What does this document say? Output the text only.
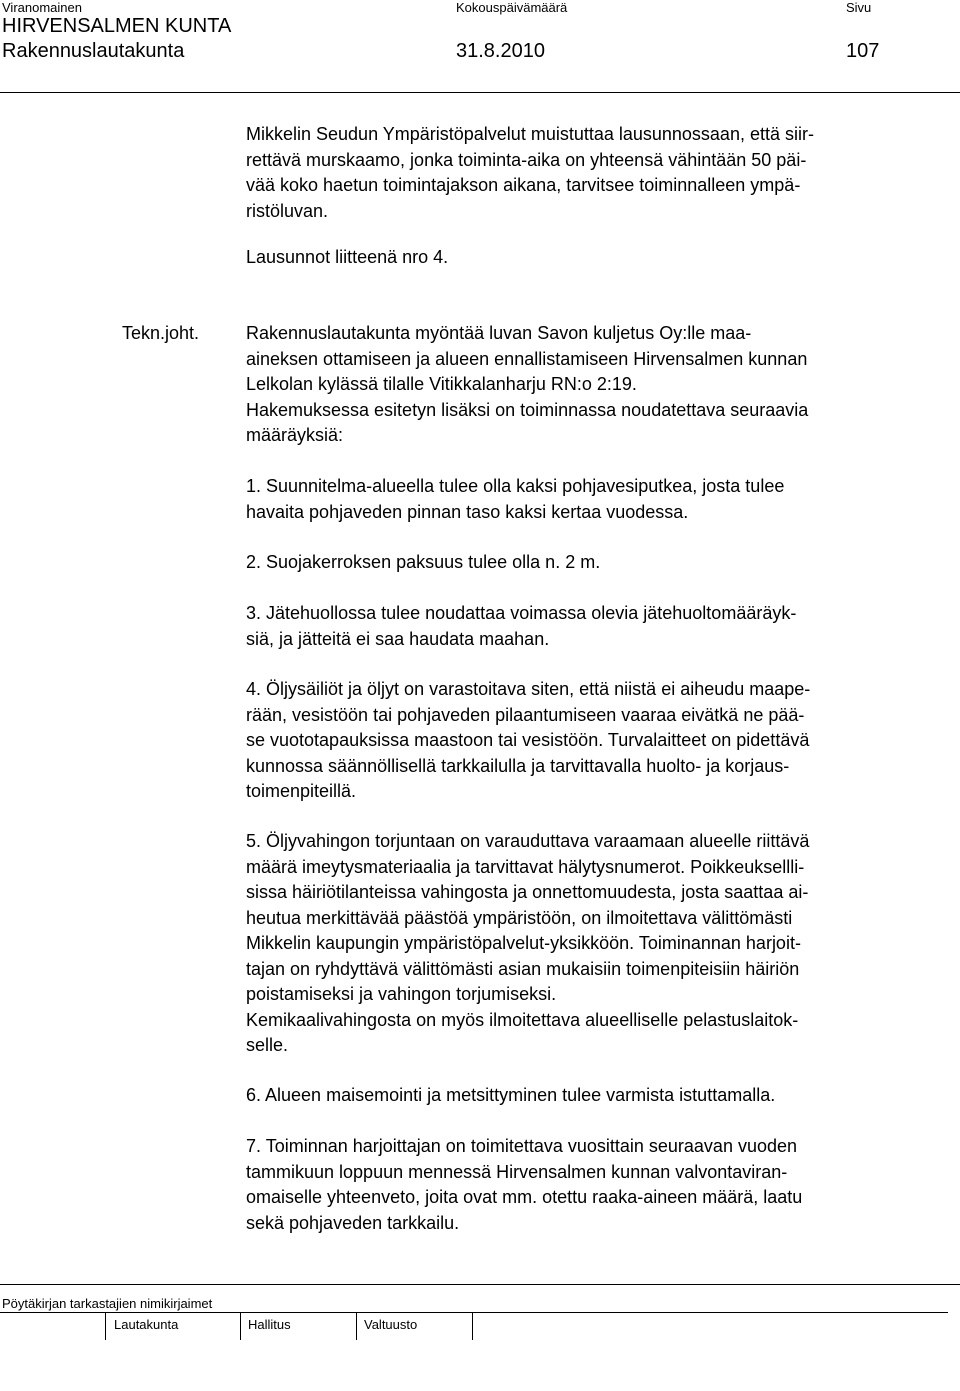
Viranomainen	Kokouspäivämäärä	Sivu
HIRVENSALMEN KUNTA
Rakennuslautakunta	31.8.2010	107
Mikkelin Seudun Ympäristöpalvelut muistuttaa lausunnossaan, että siir-
rettävä murskaamo, jonka toiminta-aika on yhteensä vähintään 50 päi-
vää koko haetun toimintajakson aikana, tarvitsee toiminnalleen ympä-
ristöluvan.
Lausunnot liitteenä nro 4.
Tekn.joht.	Rakennuslautakunta myöntää luvan Savon kuljetus Oy:lle maa-
aineksen ottamiseen ja alueen ennallistamiseen Hirvensalmen kunnan
Lelkolan kylässä tilalle Vitikkalanharju RN:o 2:19.
Hakemuksessa esitetyn lisäksi on toiminnassa noudatettava seuraavia
määräyksiä:
1. Suunnitelma-alueella tulee olla kaksi pohjavesiputkea, josta tulee
havaita pohjaveden pinnan taso kaksi kertaa vuodessa.
2. Suojakerroksen paksuus tulee olla n. 2 m.
3. Jätehuollossa tulee noudattaa voimassa olevia jätehuoltomääräyk-
siä, ja jätteitä ei saa haudata maahan.
4. Öljysäiliöt ja öljyt on varastoitava siten, että niistä ei aiheudu maape-
rään, vesistöön tai pohjaveden pilaantumiseen vaaraa eivätkä ne pää-
se vuototapauksissa maastoon tai vesistöön. Turvalaitteet on pidettävä
kunnossa säännöllisellä tarkkailulla ja tarvittavalla huolto- ja korjaus-
toimenpiteillä.
5. Öljyvahingon torjuntaan on varauduttava varaamaan alueelle riittävä
määrä imeytysmateriaalia ja tarvittavat hälytysnumerot. Poikkeuksellli-
sissa häiriötilanteissa vahingosta ja onnettomuudesta, josta saattaa ai-
heutua merkittävää päästöä ympäristöön, on ilmoitettava välittömästi
Mikkelin kaupungin ympäristöpalvelut-yksikköön. Toiminannan harjoit-
tajan on ryhdyttävä välittömästi asian mukaisiin toimenpiteisiin häiriön
poistamiseksi ja vahingon torjumiseksi.
Kemikaalivahingosta on myös ilmoitettava alueelliselle pelastuslaitok-
selle.
6. Alueen maisemointi ja metsittyminen tulee varmista istuttamalla.
7. Toiminnan harjoittajan on toimitettava vuosittain seuraavan vuoden
tammikuun loppuun mennessä Hirvensalmen kunnan valvontaviran-
omaiselle yhteenveto, joita ovat mm. otettu raaka-aineen määrä, laatu
sekä pohjaveden tarkkailu.
Pöytäkirjan tarkastajien nimikirjaimet
Lautakunta	Hallitus	Valtuusto
